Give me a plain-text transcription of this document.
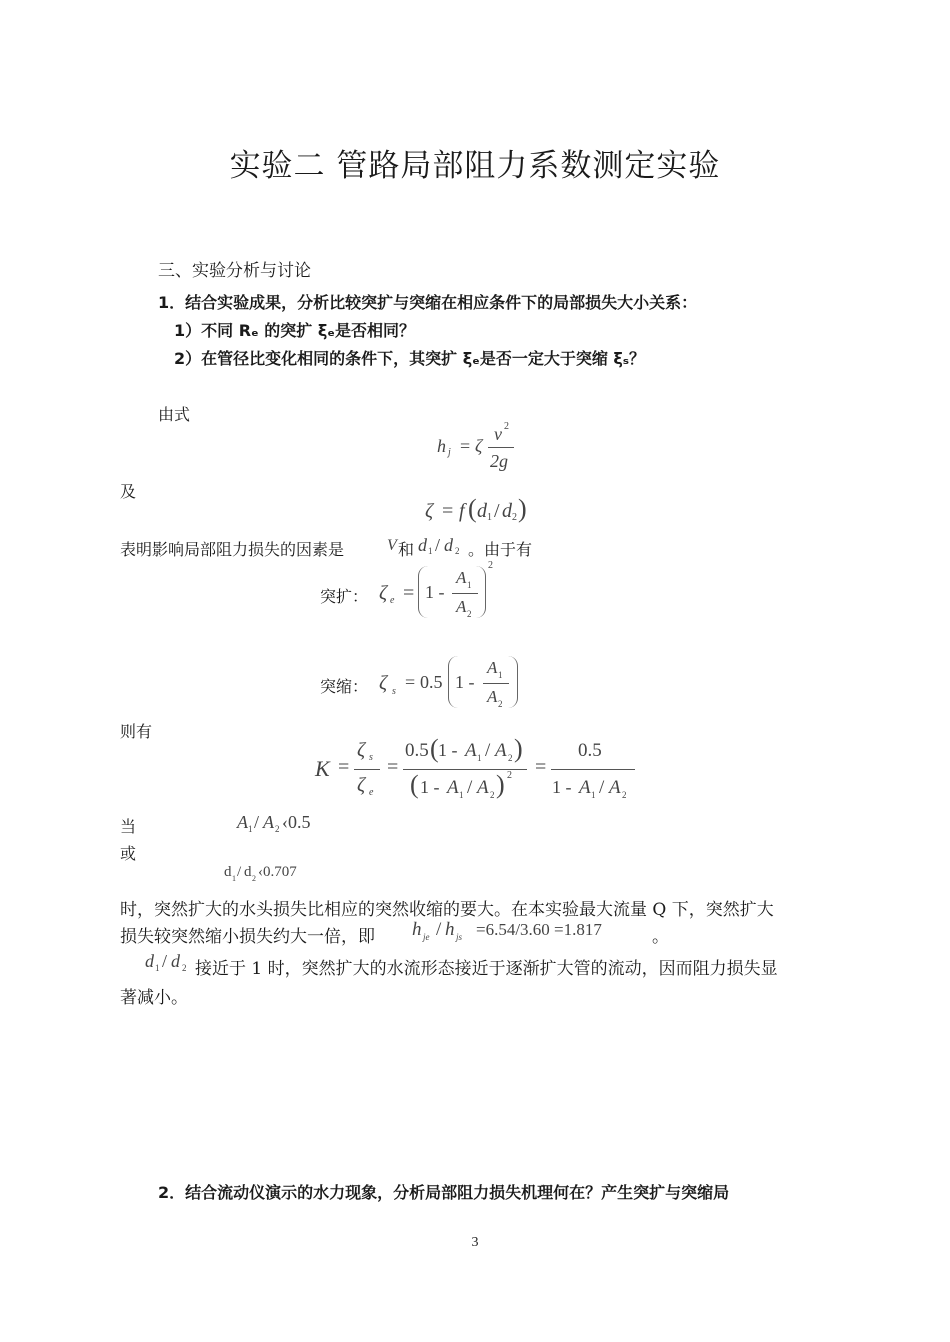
实验二 管路局部阻力系数测定实验
三、实验分析与讨论
1．结合实验成果，分析比较突扩与突缩在相应条件下的局部损失大小关系：
1）不同 Rₑ 的突扩 ξₑ是否相同？
2）在管径比变化相同的条件下，其突扩 ξₑ是否一定大于突缩 ξₛ？
由式
h j = ζ
v 2
2g
及
ζ = f ( d 1 / d 2 )
表明影响局部阻力损失的因素是	V 和 d 1 / d 2 。由于有
突扩： ζ e = 1 -
A 1
A 2
2
突缩： ζ s = 0.5 1 -
A 1
A 2
则有
K =
ζ s
ζ e
=
0.5 ( 1 - A 1 / A 2 )
( 1 - A 1 / A 2 ) 2 =
0.5
1 - A 1 / A 2
当	A 1 / A 2 ‹0.5
或
d 1 / d 2 ‹0.707
时，突然扩大的水头损失比相应的突然收缩的要大。在本实验最大流量 Q 下，突然扩大
损失较突然缩小损失约大一倍，即 h je / h js =6.54/3.60 =1.817	。
d 1 / d 2 接近于 1 时，突然扩大的水流形态接近于逐渐扩大管的流动，因而阻力损失显
著减小。
2．结合流动仪演示的水力现象，分析局部阻力损失机理何在？产生突扩与突缩局
3
